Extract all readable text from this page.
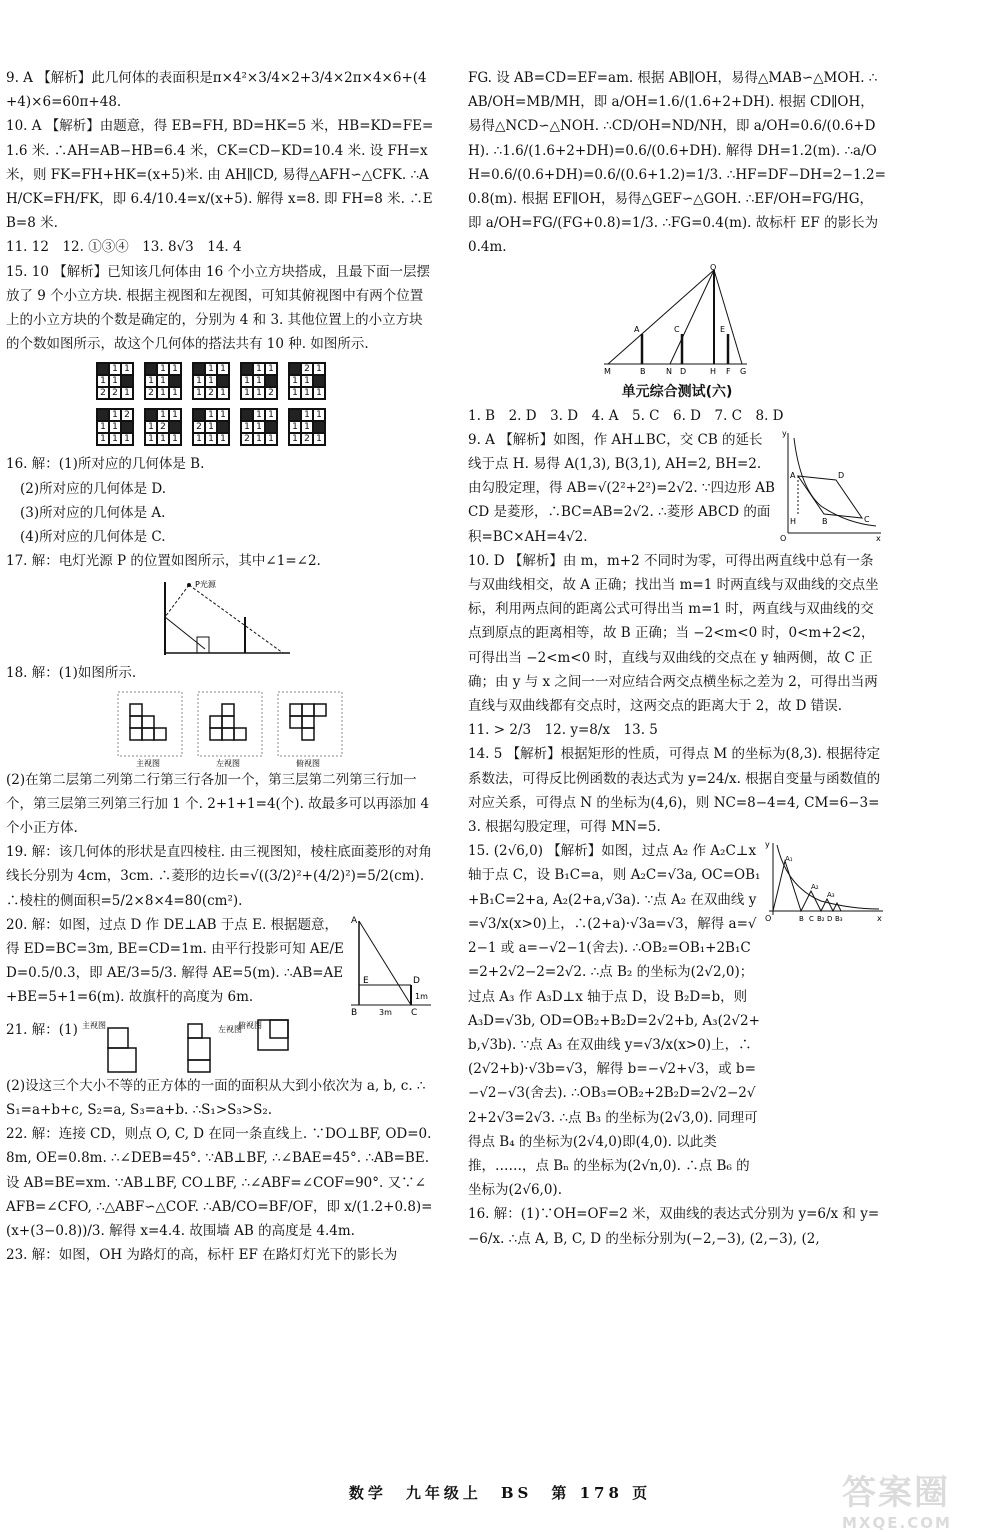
9. A 【解析】此几何体的表面积是π×4²×3/4×2+3/4×2π×4×6+(4+4)×6=60π+48.

10. A 【解析】由题意，得 EB=FH, BD=HK=5 米，HB=KD=FE=1.6 米. ∴AH=AB−HB=6.4 米，CK=CD−KD=10.4 米. 设 FH=x 米，则 FK=FH+HK=(x+5)米. 由 AH∥CD, 易得△AFH∽△CFK. ∴AH/CK=FH/FK，即 6.4/10.4=x/(x+5). 解得 x=8. 即 FH=8 米. ∴EB=8 米.

11. 12　12. ①③④　13. 8√3　14. 4

15. 10 【解析】已知该几何体由 16 个小立方块搭成，且最下面一层摆放了 9 个小立方块. 根据主视图和左视图，可知其俯视图中有两个位置上的小立方块的个数是确定的，分别为 4 和 3. 其他位置上的小立方块的个数如图所示，故这个几何体的搭法共有 10 种. 如图所示.

1 1
1 1
2 2 1
1 1
1 1
2 1 1
1 1
1 1
1 2 1
1 1
1 1
1 1 2
2 1
1 1
1 1 1
1 2
1 1
1 1 1
1 1
1 2
1 1 1
1 1
2 1
1 1 1
1 1
1 1
2 1 1
1 1
1 1
1 2 1

16. 解：(1)所对应的几何体是 B.

(2)所对应的几何体是 D.

(3)所对应的几何体是 A.

(4)所对应的几何体是 C.

17. 解：电灯光源 P 的位置如图所示，其中∠1=∠2.

P光源

18. 解：(1)如图所示.

主视图	左视图	俯视图

(2)在第二层第二列第二行第三行各加一个，第三层第二列第三行加一个，第三层第三列第三行加 1 个. 2+1+1=4(个). 故最多可以再添加 4 个小正方体.

19. 解：该几何体的形状是直四棱柱. 由三视图知，棱柱底面菱形的对角线长分别为 4cm，3cm. ∴菱形的边长=√((3/2)²+(4/2)²)=5/2(cm). ∴棱柱的侧面积=5/2×8×4=80(cm²).

20. 解：如图，过点 D 作 DE⊥AB 于点 E. 根据题意，得 ED=BC=3m, BE=CD=1m. 由平行投影可知 AE/ED=0.5/0.3，即 AE/3=5/3. 解得 AE=5(m). ∴AB=AE+BE=5+1=6(m). 故旗杆的高度为 6m.

A
E	D
B	C
3m
1m

21. 解：(1) 主视图	左视图
俯视图

(2)设这三个大小不等的正方体的一面的面积从大到小依次为 a, b, c. ∴S₁=a+b+c, S₂=a, S₃=a+b. ∴S₁>S₃>S₂.

22. 解：连接 CD，则点 O, C, D 在同一条直线上. ∵DO⊥BF, OD=0.8m, OE=0.8m. ∴∠DEB=45°. ∵AB⊥BF, ∴∠BAE=45°. ∴AB=BE. 设 AB=BE=xm. ∵AB⊥BF, CO⊥BF, ∴∠ABF=∠COF=90°. 又∵∠AFB=∠CFO, ∴△ABF∽△COF. ∴AB/CO=BF/OF，即 x/(1.2+0.8)=(x+(3−0.8))/3. 解得 x=4.4. 故围墙 AB 的高度是 4.4m.

23. 解：如图，OH 为路灯的高，标杆 EF 在路灯灯光下的影长为

FG. 设 AB=CD=EF=am. 根据 AB∥OH，易得△MAB∽△MOH. ∴AB/OH=MB/MH，即 a/OH=1.6/(1.6+2+DH). 根据 CD∥OH，易得△NCD∽△NOH. ∴CD/OH=ND/NH，即 a/OH=0.6/(0.6+DH). ∴1.6/(1.6+2+DH)=0.6/(0.6+DH). 解得 DH=1.2(m). ∴a/OH=0.6/(0.6+DH)=0.6/(0.6+1.2)=1/3. ∴HF=DF−DH=2−1.2=0.8(m). 根据 EF∥OH，易得△GEF∽△GOH. ∴EF/OH=FG/HG，即 a/OH=FG/(FG+0.8)=1/3. ∴FG=0.4(m). 故标杆 EF 的影长为 0.4m.

O
A	C	E
M	B	N D	H F G
单元综合测试(六)

1. B　2. D　3. D　4. A　5. C　6. D　7. C　8. D

9. A 【解析】如图，作 AH⊥BC，交 CB 的延长线于点 H. 易得 A(1,3), B(3,1), AH=2, BH=2. 由勾股定理，得 AB=√(2²+2²)=2√2. ∵四边形 ABCD 是菱形，∴BC=AB=2√2. ∴菱形 ABCD 的面积=BC×AH=4√2.

y
A	D
H	B	C
O	x

10. D 【解析】由 m，m+2 不同时为零，可得出两直线中总有一条与双曲线相交，故 A 正确；找出当 m=1 时两直线与双曲线的交点坐标，利用两点间的距离公式可得出当 m=1 时，两直线与双曲线的交点到原点的距离相等，故 B 正确；当 −2<m<0 时，0<m+2<2，可得出当 −2<m<0 时，直线与双曲线的交点在 y 轴两侧，故 C 正确；由 y 与 x 之间一一对应结合两交点横坐标之差为 2，可得出当两直线与双曲线都有交点时，这两交点的距离大于 2，故 D 错误.

11. > 2/3　12. y=8/x　13. 5

14. 5 【解析】根据矩形的性质，可得点 M 的坐标为(8,3). 根据待定系数法，可得反比例函数的表达式为 y=24/x. 根据自变量与函数值的对应关系，可得点 N 的坐标为(4,6)，则 NC=8−4=4, CM=6−3=3. 根据勾股定理，可得 MN=5.

15. (2√6,0) 【解析】如图，过点 A₂ 作 A₂C⊥x 轴于点 C，设 B₁C=a，则 A₂C=√3a, OC=OB₁+B₁C=2+a, A₂(2+a,√3a). ∵点 A₂ 在双曲线 y=√3/x(x>0)上，∴(2+a)·√3a=√3，解得 a=√2−1 或 a=−√2−1(舍去). ∴OB₂=OB₁+2B₁C=2+2√2−2=2√2. ∴点 B₂ 的坐标为(2√2,0)；过点 A₃ 作 A₃D⊥x 轴于点 D，设 B₂D=b，则 A₃D=√3b, OD=OB₂+B₂D=2√2+b, A₃(2√2+b,√3b). ∵点 A₃ 在双曲线 y=√3/x(x>0)上，∴(2√2+b)·√3b=√3，解得 b=−√2+√3，或 b=−√2−√3(舍去). ∴OB₃=OB₂+2B₂D=2√2−2√2+2√3=2√3. ∴点 B₃ 的坐标为(2√3,0). 同理可得点 B₄ 的坐标为(2√4,0)即(4,0). 以此类推，……，点 Bₙ 的坐标为(2√n,0). ∴点 B₆ 的坐标为(2√6,0).

y
A₁
A₂
A₃
O	B C B₂ D B₃	x

16. 解：(1)∵OH=OF=2 米，双曲线的表达式分别为 y=6/x 和 y=−6/x. ∴点 A, B, C, D 的坐标分别为(−2,−3), (2,−3), (2,

数学　九年级上　BS　第 178 页	答案圈
MXQE.COM
